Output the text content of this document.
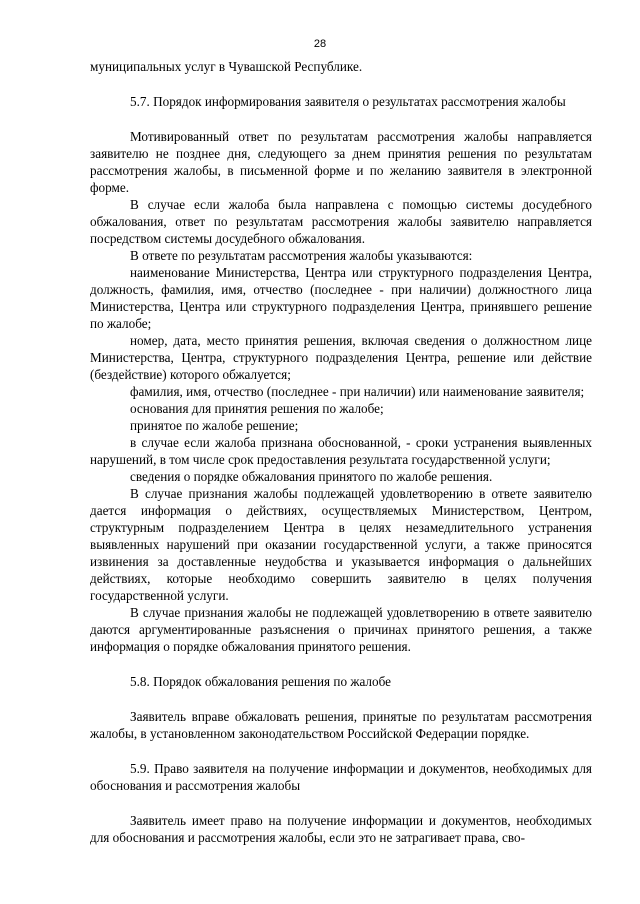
28

муниципальных услуг в Чувашской Республике.

5.7. Порядок информирования заявителя о результатах рассмотрения жалобы

Мотивированный ответ по результатам рассмотрения жалобы направляется заявителю не позднее дня, следующего за днем принятия решения по результатам рассмотрения жалобы, в письменной форме и по желанию заявителя в электронной форме.

В случае если жалоба была направлена с помощью системы досудебного обжалования, ответ по результатам рассмотрения жалобы заявителю направляется посредством системы досудебного обжалования.

В ответе по результатам рассмотрения жалобы указываются:

наименование Министерства, Центра или структурного подразделения Центра, должность, фамилия, имя, отчество (последнее - при наличии) должностного лица Министерства, Центра или структурного подразделения Центра, принявшего решение по жалобе;

номер, дата, место принятия решения, включая сведения о должностном лице Министерства, Центра, структурного подразделения Центра, решение или действие (бездействие) которого обжалуется;

фамилия, имя, отчество (последнее - при наличии) или наименование заявителя;

основания для принятия решения по жалобе;

принятое по жалобе решение;

в случае если жалоба признана обоснованной, - сроки устранения выявленных нарушений, в том числе срок предоставления результата государственной услуги;

сведения о порядке обжалования принятого по жалобе решения.

В случае признания жалобы подлежащей удовлетворению в ответе заявителю дается информация о действиях, осуществляемых Министерством, Центром, структурным подразделением Центра в целях незамедлительного устранения выявленных нарушений при оказании государственной услуги, а также приносятся извинения за доставленные неудобства и указывается информация о дальнейших действиях, которые необходимо совершить заявителю в целях получения государственной услуги.

В случае признания жалобы не подлежащей удовлетворению в ответе заявителю даются аргументированные разъяснения о причинах принятого решения, а также информация о порядке обжалования принятого решения.

5.8. Порядок обжалования решения по жалобе

Заявитель вправе обжаловать решения, принятые по результатам рассмотрения жалобы, в установленном законодательством Российской Федерации порядке.

5.9. Право заявителя на получение информации и документов, необходимых для обоснования и рассмотрения жалобы

Заявитель имеет право на получение информации и документов, необходимых для обоснования и рассмотрения жалобы, если это не затрагивает права, сво-
